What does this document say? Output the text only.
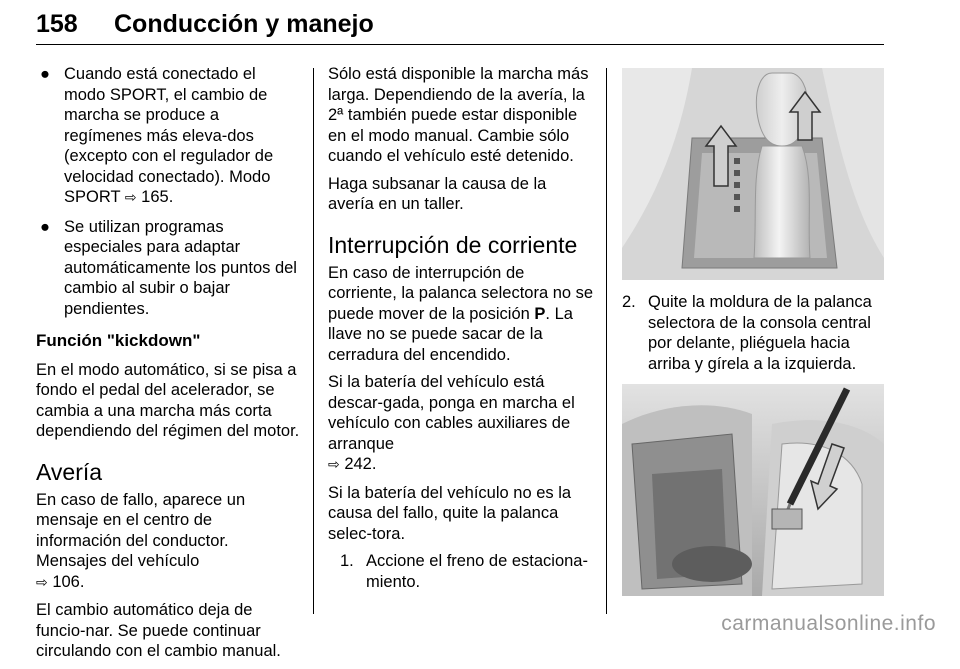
158 Conducción y manejo
● Cuando está conectado el modo SPORT, el cambio de marcha se produce a regímenes más eleva-dos (excepto con el regulador de velocidad conectado). Modo SPORT ⇨ 165.
● Se utilizan programas especiales para adaptar automáticamente los puntos del cambio al subir o bajar pendientes.
Función "kickdown"

En el modo automático, si se pisa a fondo el pedal del acelerador, se cambia a una marcha más corta dependiendo del régimen del motor.

Avería

En caso de fallo, aparece un mensaje en el centro de información del conductor. Mensajes del vehículo
⇨ 106.

El cambio automático deja de funcio-nar. Se puede continuar circulando con el cambio manual.

Sólo está disponible la marcha más larga. Dependiendo de la avería, la 2ª también puede estar disponible en el modo manual. Cambie sólo cuando el vehículo esté detenido.

Haga subsanar la causa de la avería en un taller.

Interrupción de corriente

En caso de interrupción de corriente, la palanca selectora no se puede mover de la posición P. La llave no se puede sacar de la cerradura del encendido.

Si la batería del vehículo está descar-gada, ponga en marcha el vehículo con cables auxiliares de arranque
⇨ 242.

Si la batería del vehículo no es la causa del fallo, quite la palanca selec-tora.

1. Accione el freno de estaciona-miento.
2. Quite la moldura de la palanca selectora de la consola central por delante, pliéguela hacia arriba y gírela a la izquierda.
carmanualsonline.info
